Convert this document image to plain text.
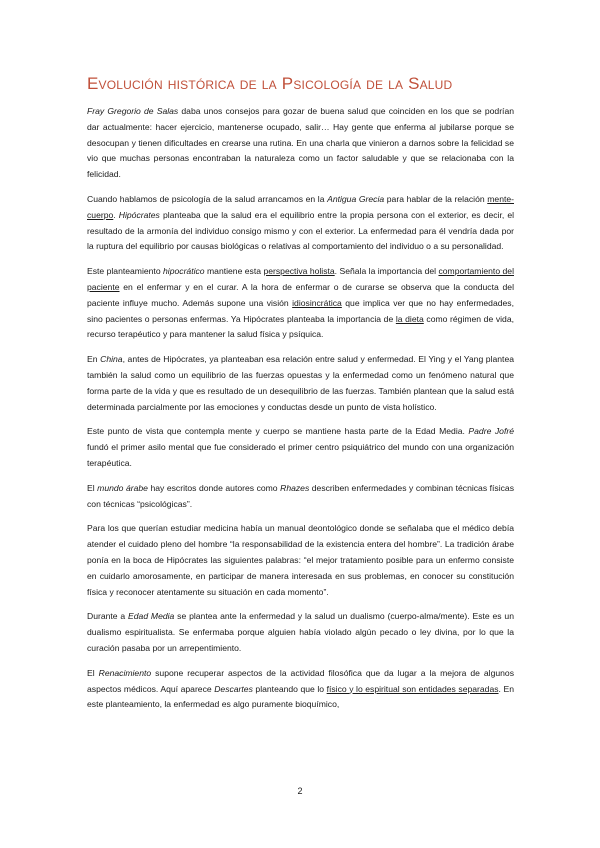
Evolución histórica de la Psicología de la Salud

Fray Gregorio de Salas daba unos consejos para gozar de buena salud que coinciden en los que se podrían dar actualmente: hacer ejercicio, mantenerse ocupado, salir… Hay gente que enferma al jubilarse porque se desocupan y tienen dificultades en crearse una rutina. En una charla que vinieron a darnos sobre la felicidad se vio que muchas personas encontraban la naturaleza como un factor saludable y que se relacionaba con la felicidad.

Cuando hablamos de psicología de la salud arrancamos en la Antigua Grecia para hablar de la relación mente-cuerpo. Hipócrates planteaba que la salud era el equilibrio entre la propia persona con el exterior, es decir, el resultado de la armonía del individuo consigo mismo y con el exterior. La enfermedad para él vendría dada por la ruptura del equilibrio por causas biológicas o relativas al comportamiento del individuo o a su personalidad.

Este planteamiento hipocrático mantiene esta perspectiva holista. Señala la importancia del comportamiento del paciente en el enfermar y en el curar. A la hora de enfermar o de curarse se observa que la conducta del paciente influye mucho. Además supone una visión idiosincrática que implica ver que no hay enfermedades, sino pacientes o personas enfermas. Ya Hipócrates planteaba la importancia de la dieta como régimen de vida, recurso terapéutico y para mantener la salud física y psíquica.

En China, antes de Hipócrates, ya planteaban esa relación entre salud y enfermedad. El Ying y el Yang plantea también la salud como un equilibrio de las fuerzas opuestas y la enfermedad como un fenómeno natural que forma parte de la vida y que es resultado de un desequilibrio de las fuerzas. También plantean que la salud está determinada parcialmente por las emociones y conductas desde un punto de vista holístico.

Este punto de vista que contempla mente y cuerpo se mantiene hasta parte de la Edad Media. Padre Jofré fundó el primer asilo mental que fue considerado el primer centro psiquiátrico del mundo con una organización terapéutica.

El mundo árabe hay escritos donde autores como Rhazes describen enfermedades y combinan técnicas físicas con técnicas “psicológicas”.

Para los que querían estudiar medicina había un manual deontológico donde se señalaba que el médico debía atender el cuidado pleno del hombre “la responsabilidad de la existencia entera del hombre”. La tradición árabe ponía en la boca de Hipócrates las siguientes palabras: “el mejor tratamiento posible para un enfermo consiste en cuidarlo amorosamente, en participar de manera interesada en sus problemas, en conocer su constitución física y reconocer atentamente su situación en cada momento”.

Durante a Edad Media se plantea ante la enfermedad y la salud un dualismo (cuerpo-alma/mente). Este es un dualismo espiritualista. Se enfermaba porque alguien había violado algún pecado o ley divina, por lo que la curación pasaba por un arrepentimiento.

El Renacimiento supone recuperar aspectos de la actividad filosófica que da lugar a la mejora de algunos aspectos médicos. Aquí aparece Descartes planteando que lo físico y lo espiritual son entidades separadas. En este planteamiento, la enfermedad es algo puramente bioquímico,

2
